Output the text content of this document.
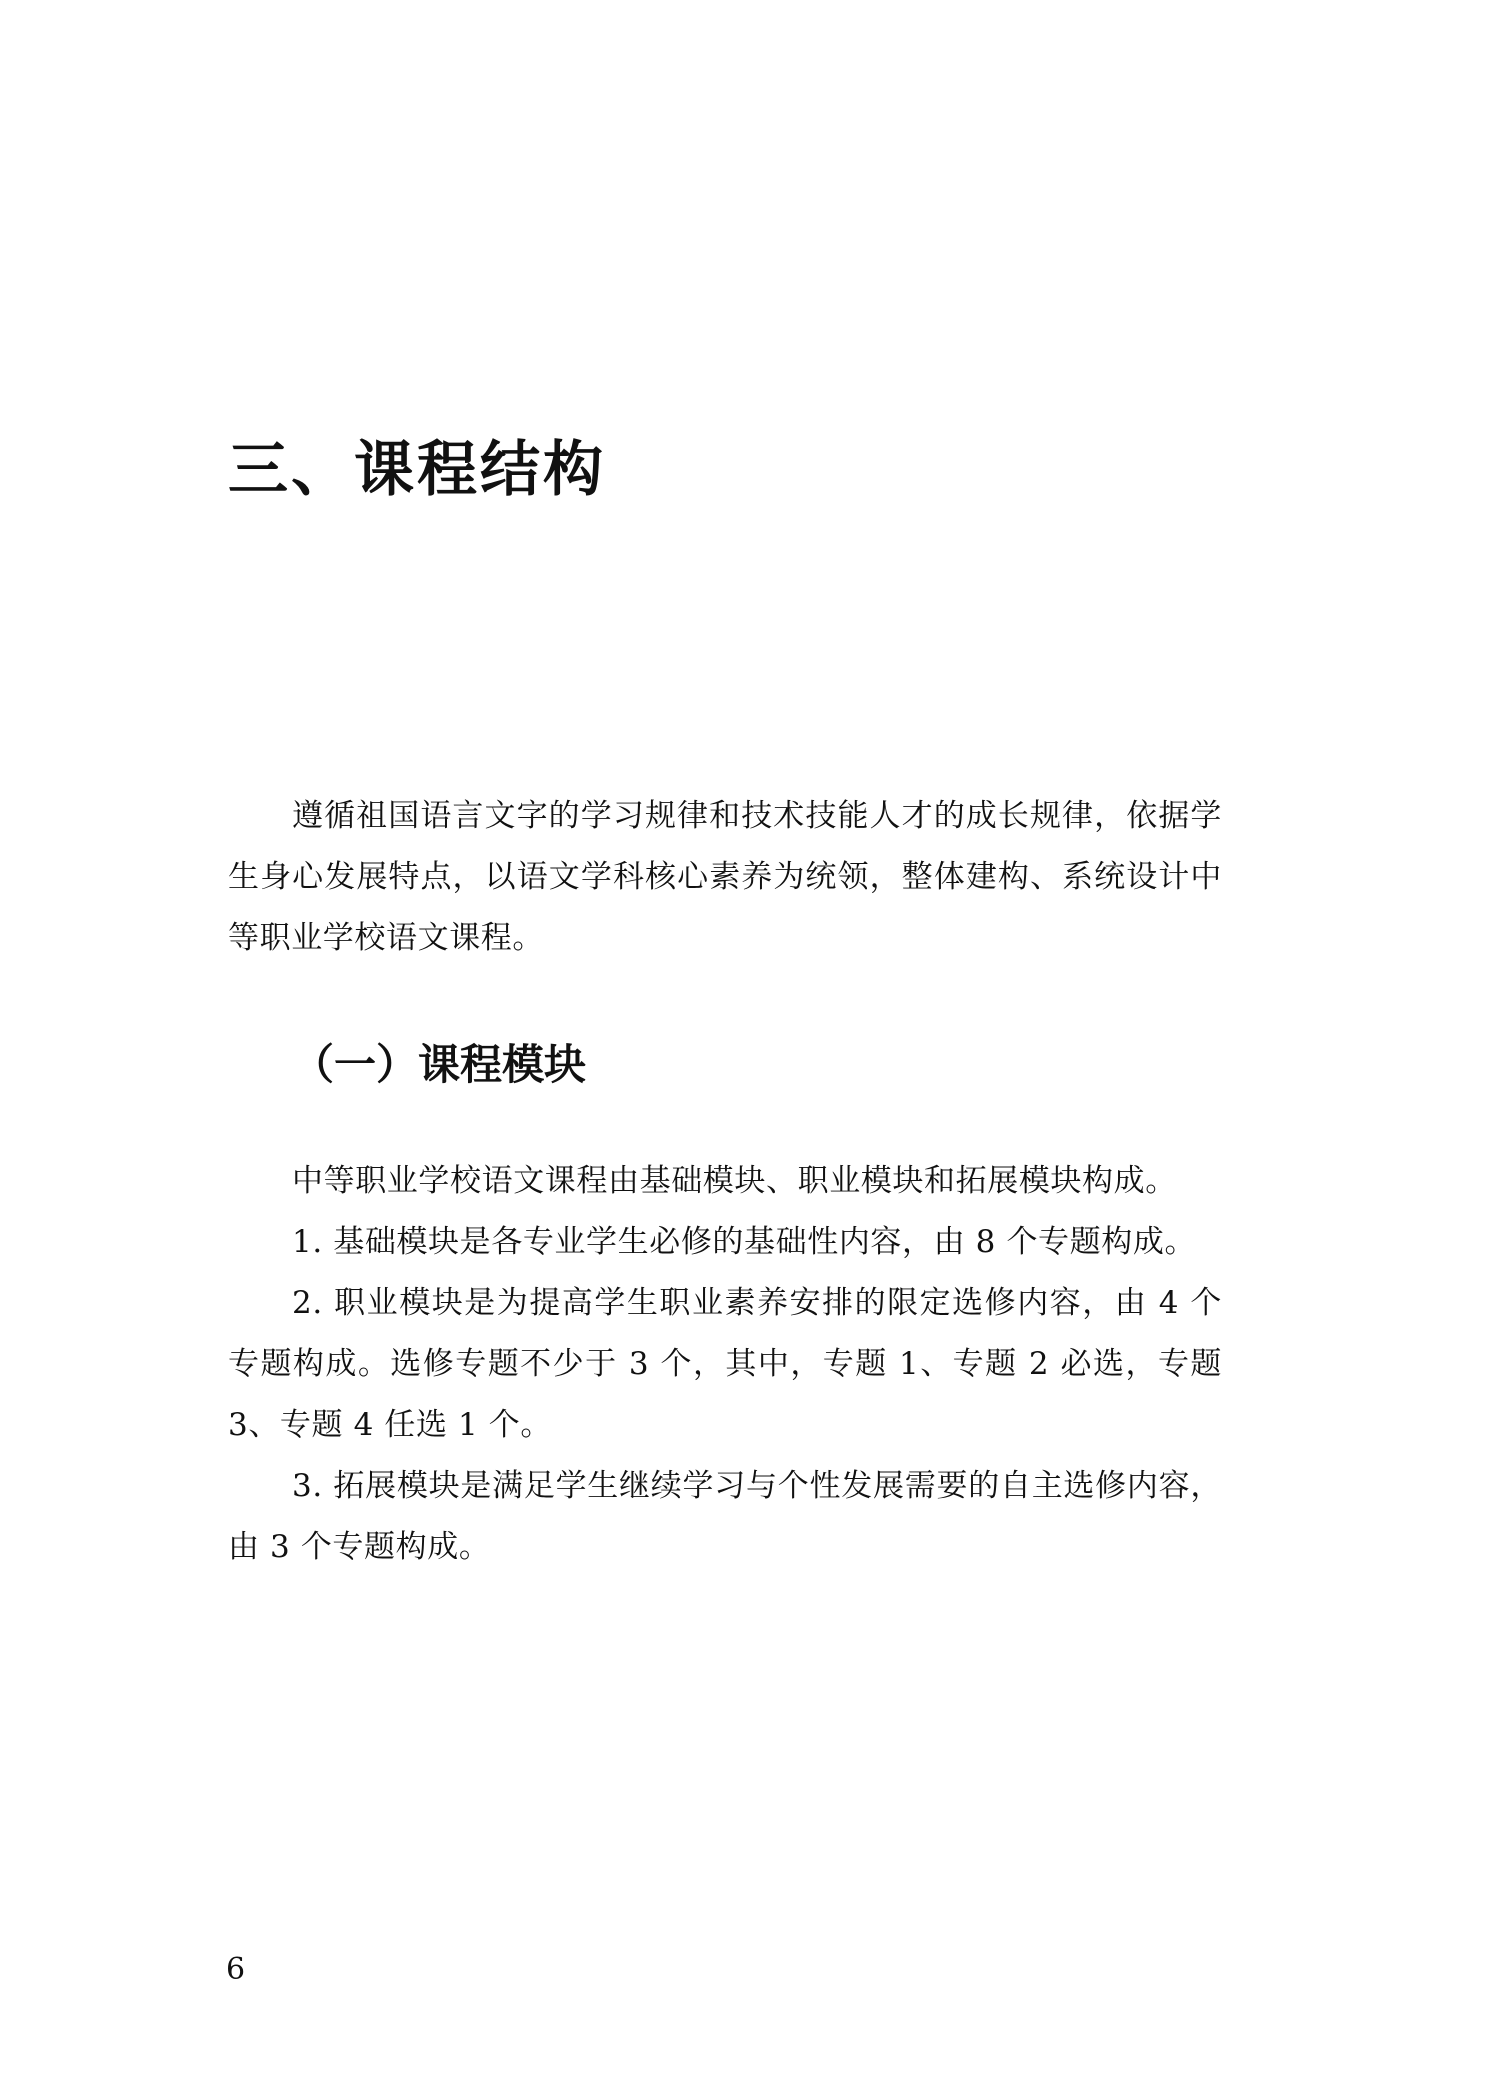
三、课程结构

遵循祖国语言文字的学习规律和技术技能人才的成长规律，依据学生身心发展特点，以语文学科核心素养为统领，整体建构、系统设计中等职业学校语文课程。

（一）课程模块

中等职业学校语文课程由基础模块、职业模块和拓展模块构成。

1. 基础模块是各专业学生必修的基础性内容，由 8 个专题构成。

2. 职业模块是为提高学生职业素养安排的限定选修内容，由 4 个专题构成。选修专题不少于 3 个，其中，专题 1、专题 2 必选，专题 3、专题 4 任选 1 个。

3. 拓展模块是满足学生继续学习与个性发展需要的自主选修内容，由 3 个专题构成。

6
